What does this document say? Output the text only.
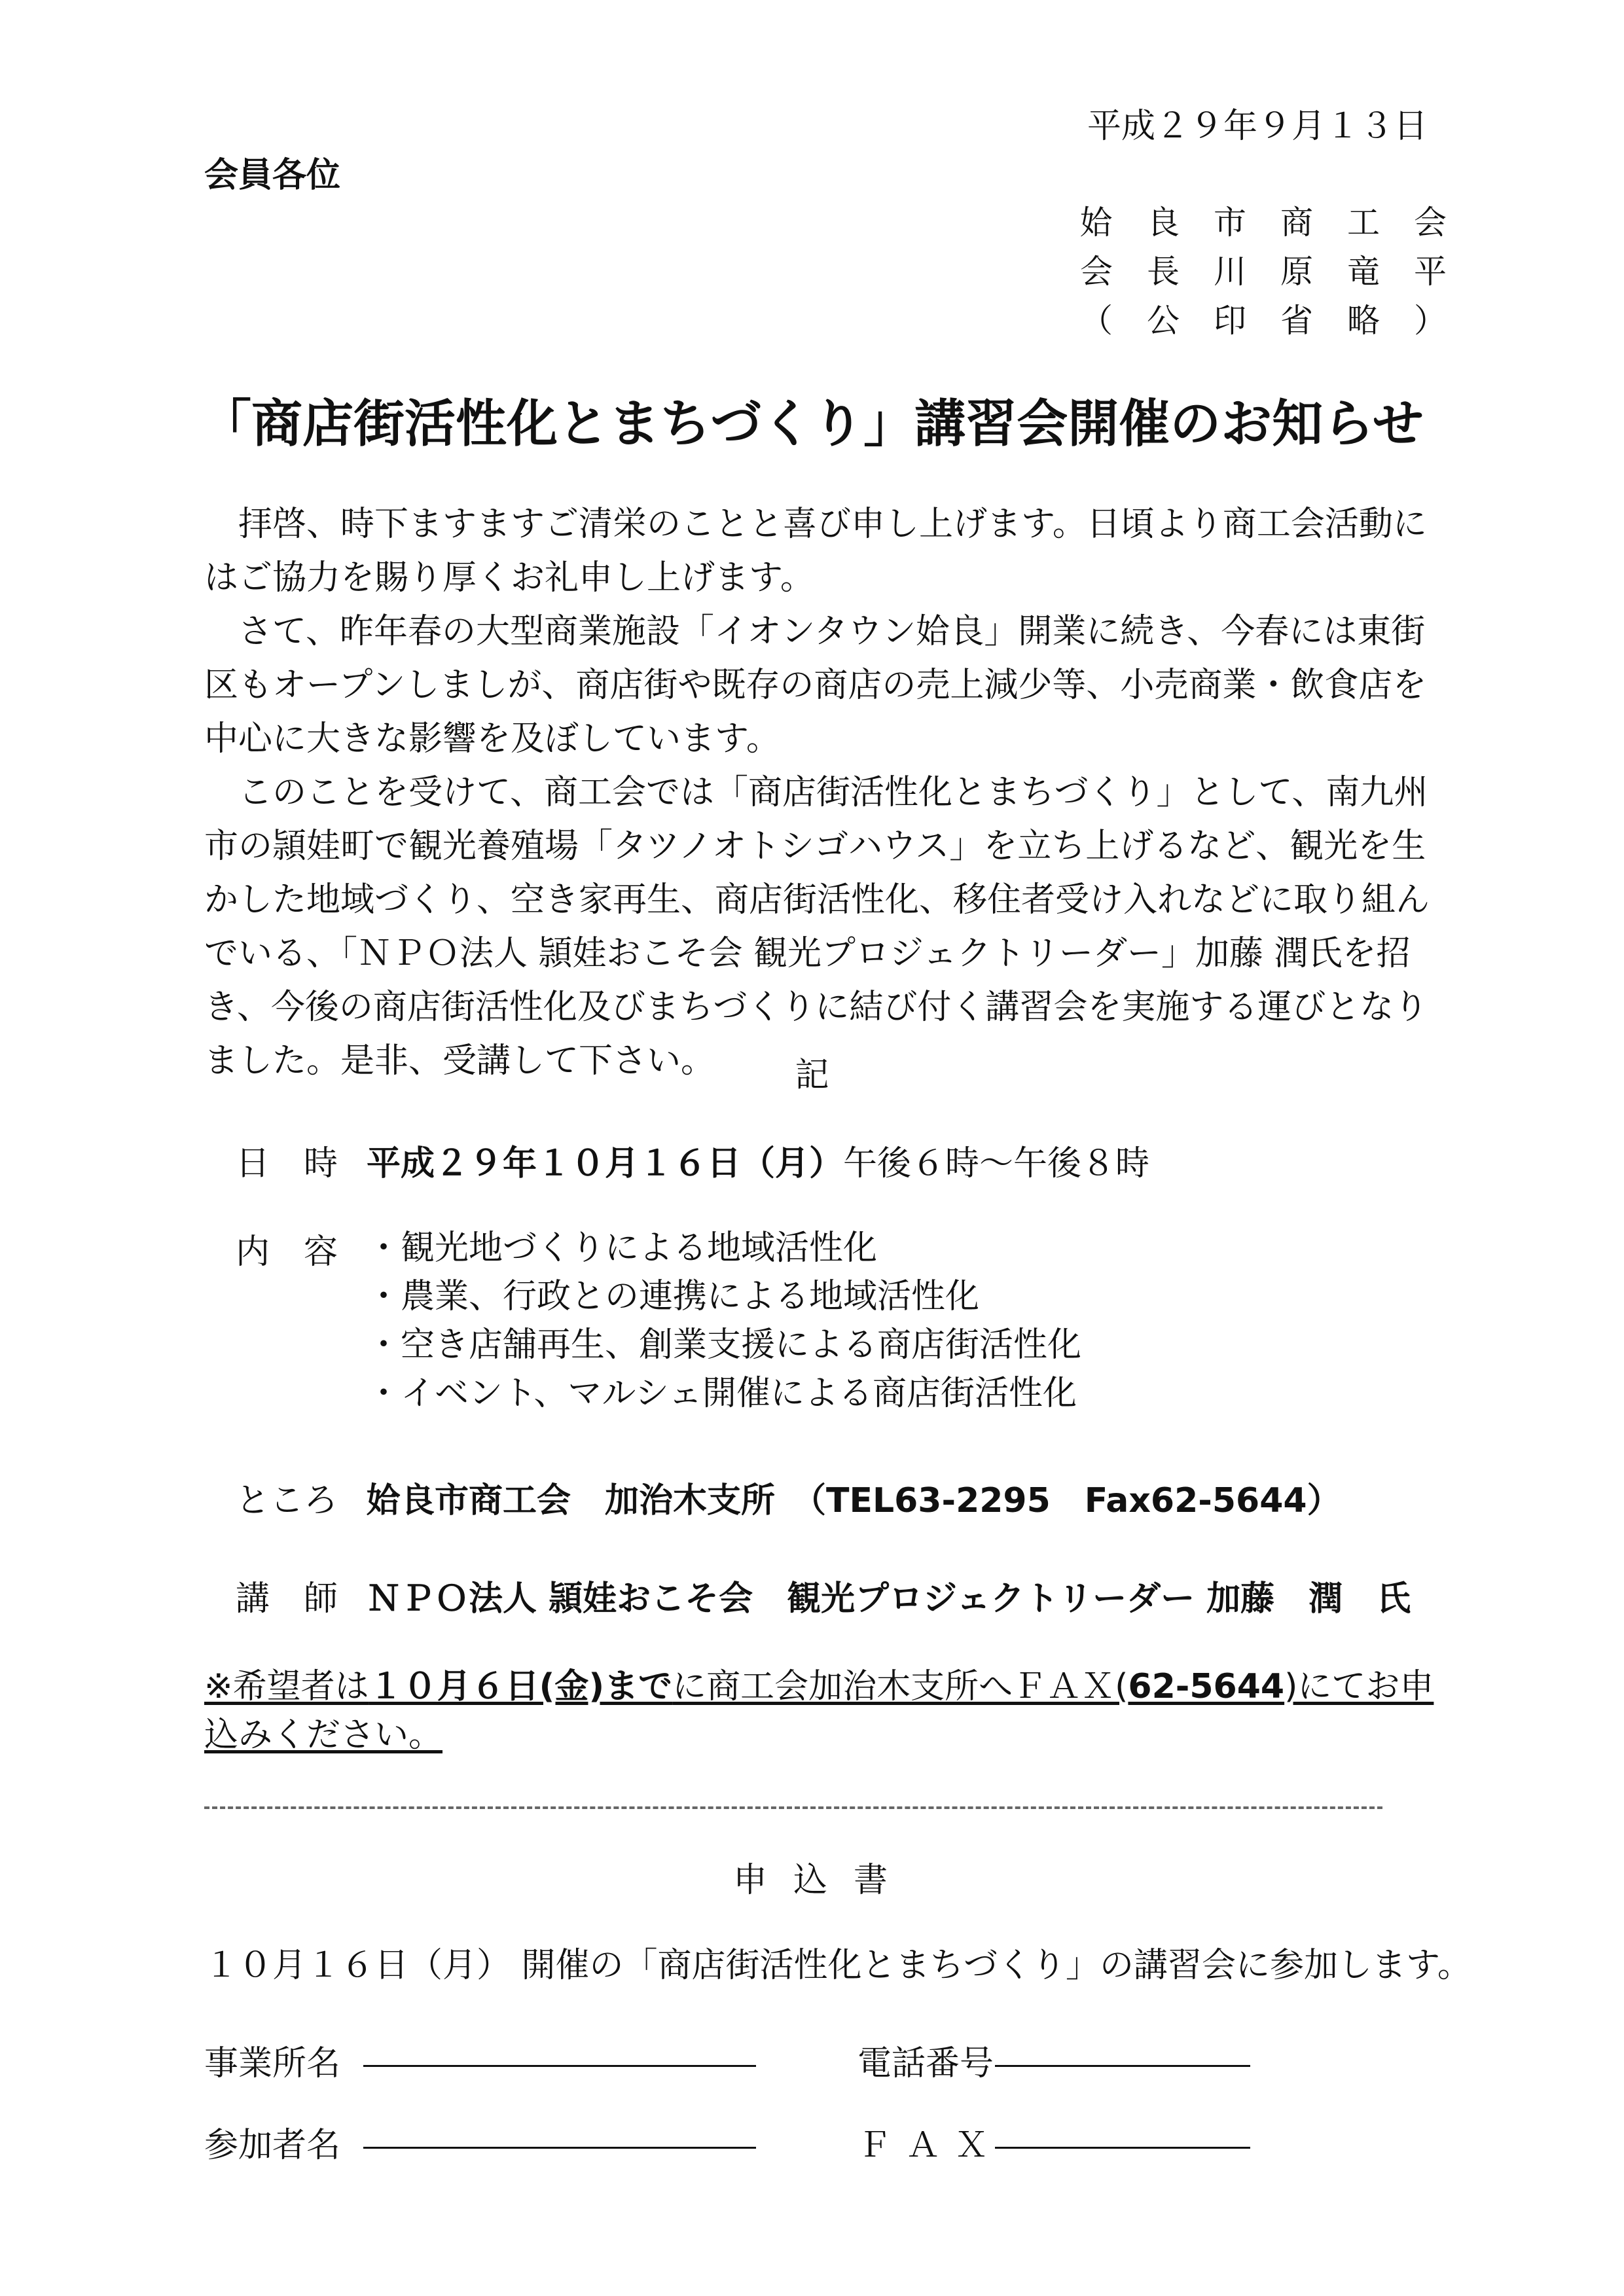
平成２９年９月１３日
会員各位
姶 良 市 商 工 会
会 長 川 原 竜 平
（ 公 印 省 略 ）
「商店街活性化とまちづくり」講習会開催のお知らせ

拝啓、時下ますますご清栄のことと喜び申し上げます。日頃より商工会活動にはご協力を賜り厚くお礼申し上げます。

さて、昨年春の大型商業施設「イオンタウン姶良」開業に続き、今春には東街区もオープンしましが、商店街や既存の商店の売上減少等、小売商業・飲食店を中心に大きな影響を及ぼしています。

このことを受けて、商工会では「商店街活性化とまちづくり」として、南九州市の頴娃町で観光養殖場「タツノオトシゴハウス」を立ち上げるなど、観光を生かした地域づくり、空き家再生、商店街活性化、移住者受け入れなどに取り組んでいる、「ＮＰＯ法人 頴娃おこそ会 観光プロジェクトリーダー」加藤 潤氏を招き、今後の商店街活性化及びまちづくりに結び付く講習会を実施する運びとなりました。是非、受講して下さい。	記
日　時 平成２９年１０月１６日（月）午後６時～午後８時
内　容 ・観光地づくりによる地域活性化
・農業、行政との連携による地域活性化
・空き店舗再生、創業支援による商店街活性化
・イベント、マルシェ開催による商店街活性化
ところ 姶良市商工会　加治木支所　（TEL63-2295　Fax62-5644）
講　師 ＮＰＯ法人 頴娃おこそ会　観光プロジェクトリーダー 加藤　潤　氏
※希望者は１０月６日(金)までに商工会加治木支所へＦＡＸ(62-5644)にてお申込みください。
申込書
１０月１６日（月） 開催の「商店街活性化とまちづくり」の講習会に参加します。
事業所名	電話番号
参加者名	ＦＡＸ
